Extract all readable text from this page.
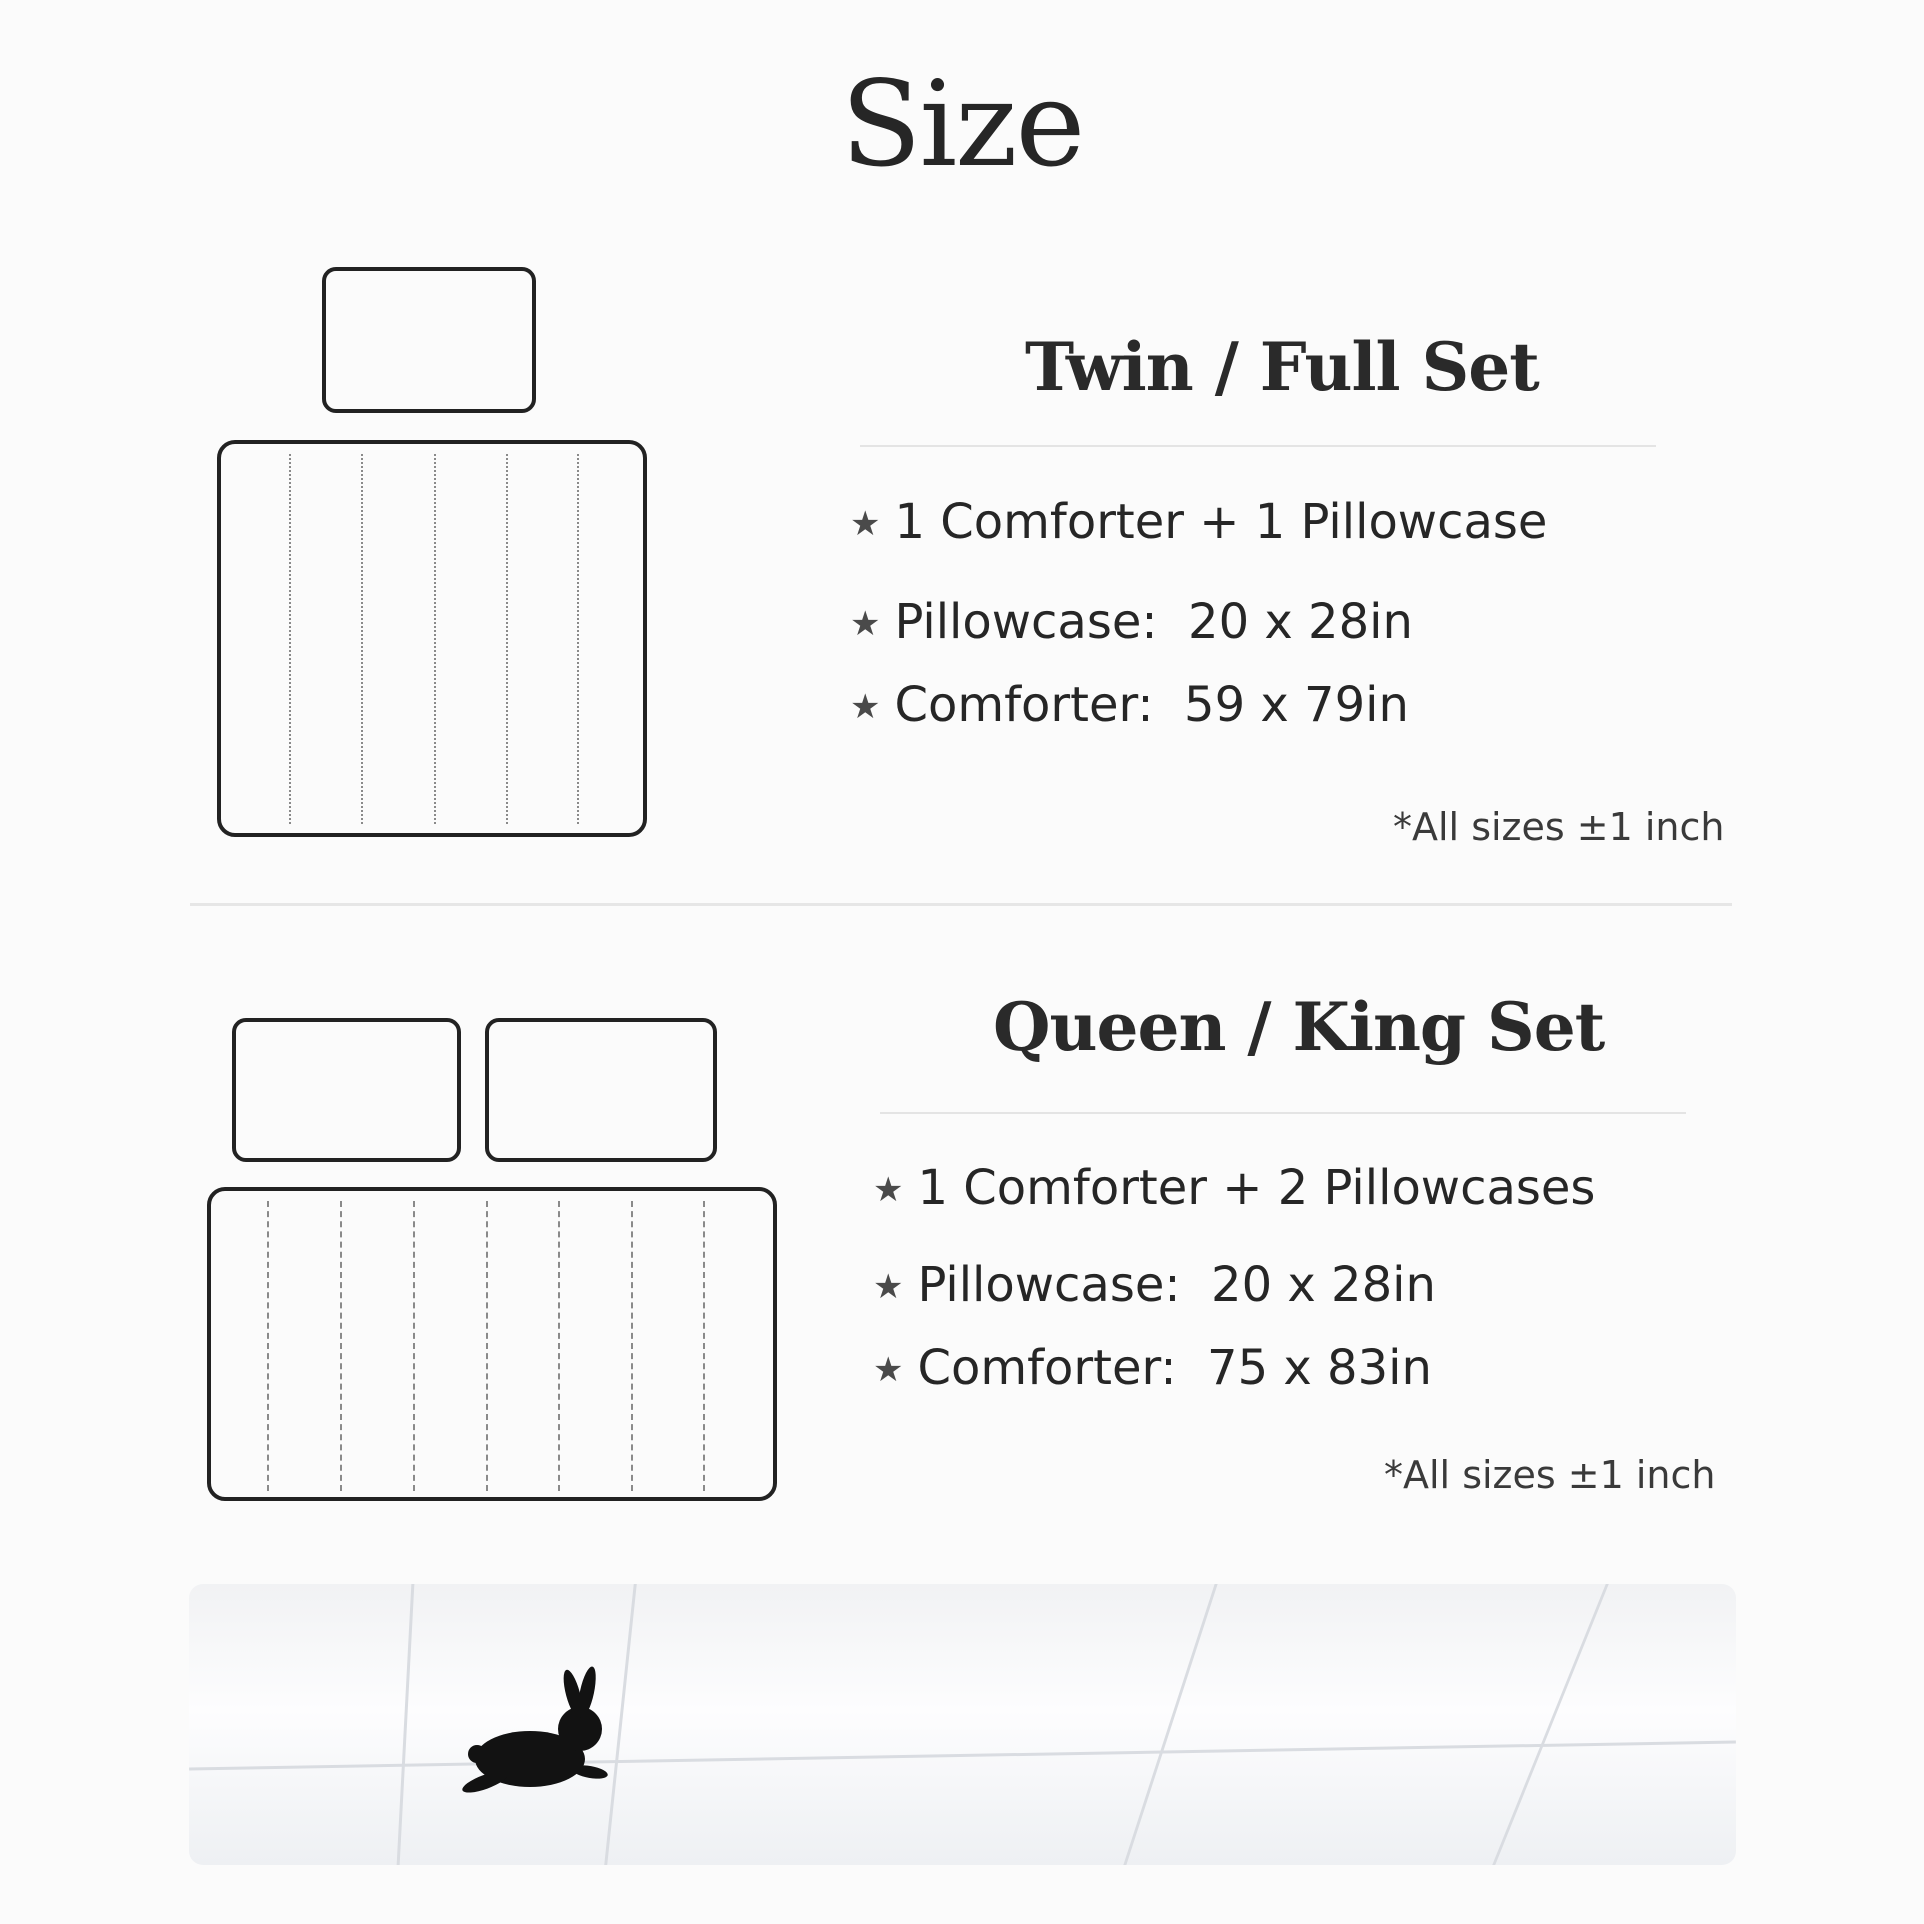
Size
Twin / Full Set
★ 1 Comforter + 1 Pillowcase
★ Pillowcase:  20 x 28in
★ Comforter:  59 x 79in
*All sizes ±1 inch
Queen / King Set
★ 1 Comforter + 2 Pillowcases
★ Pillowcase:  20 x 28in
★ Comforter:  75 x 83in
*All sizes ±1 inch
